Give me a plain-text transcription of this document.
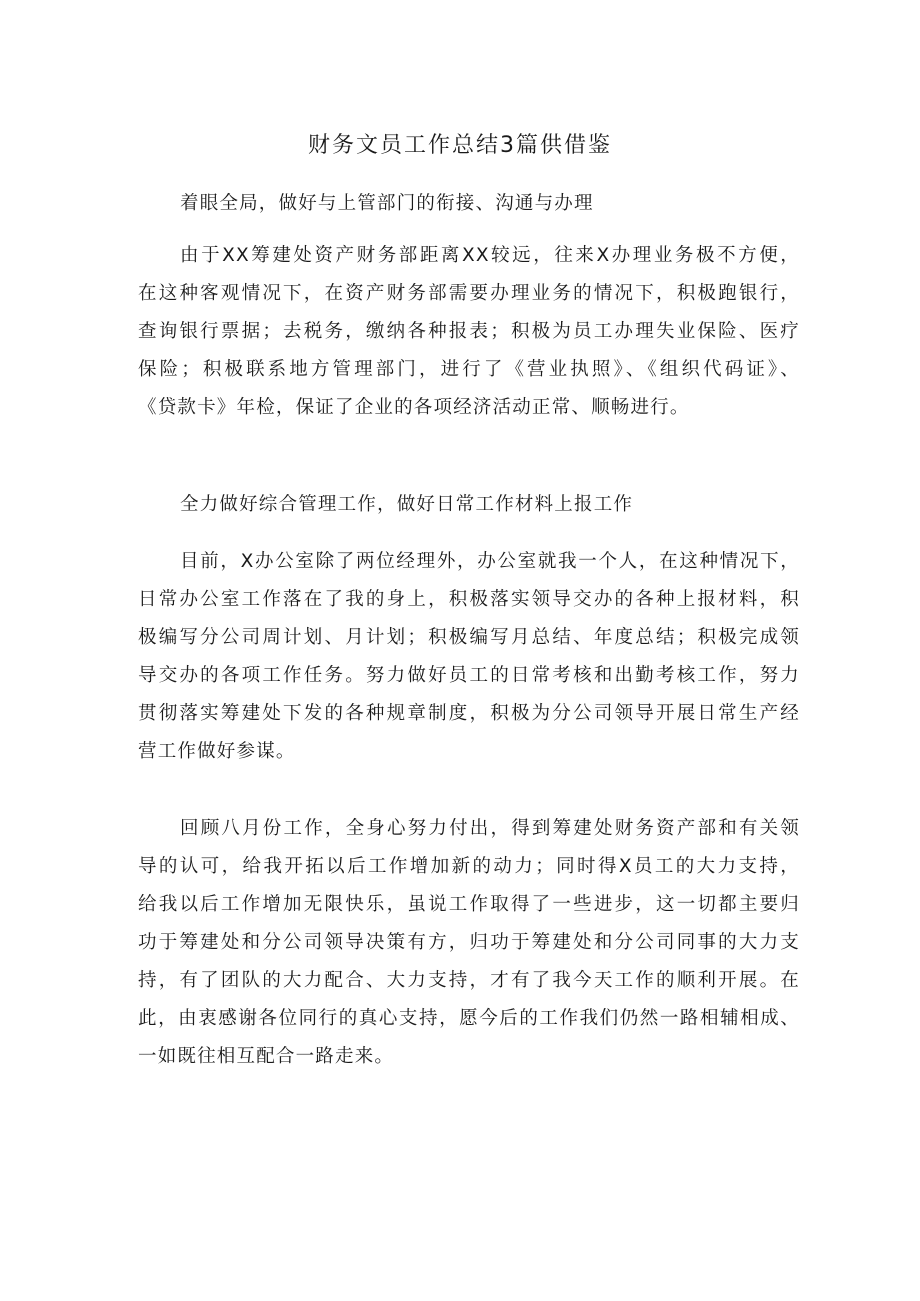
财务文员工作总结3篇供借鉴
着眼全局，做好与上管部门的衔接、沟通与办理
由于XX筹建处资产财务部距离XX较远，往来X办理业务极不方便，
在这种客观情况下，在资产财务部需要办理业务的情况下，积极跑银行，
查询银行票据；去税务，缴纳各种报表；积极为员工办理失业保险、医疗
保险；积极联系地方管理部门，进行了《营业执照》、《组织代码证》、
《贷款卡》年检，保证了企业的各项经济活动正常、顺畅进行。
全力做好综合管理工作，做好日常工作材料上报工作
目前，X办公室除了两位经理外，办公室就我一个人，在这种情况下，
日常办公室工作落在了我的身上，积极落实领导交办的各种上报材料，积
极编写分公司周计划、月计划；积极编写月总结、年度总结；积极完成领
导交办的各项工作任务。努力做好员工的日常考核和出勤考核工作，努力
贯彻落实筹建处下发的各种规章制度，积极为分公司领导开展日常生产经
营工作做好参谋。
回顾八月份工作，全身心努力付出，得到筹建处财务资产部和有关领
导的认可，给我开拓以后工作增加新的动力；同时得X员工的大力支持，
给我以后工作增加无限快乐，虽说工作取得了一些进步，这一切都主要归
功于筹建处和分公司领导决策有方，归功于筹建处和分公司同事的大力支
持，有了团队的大力配合、大力支持，才有了我今天工作的顺利开展。在
此，由衷感谢各位同行的真心支持，愿今后的工作我们仍然一路相辅相成、
一如既往相互配合一路走来。
